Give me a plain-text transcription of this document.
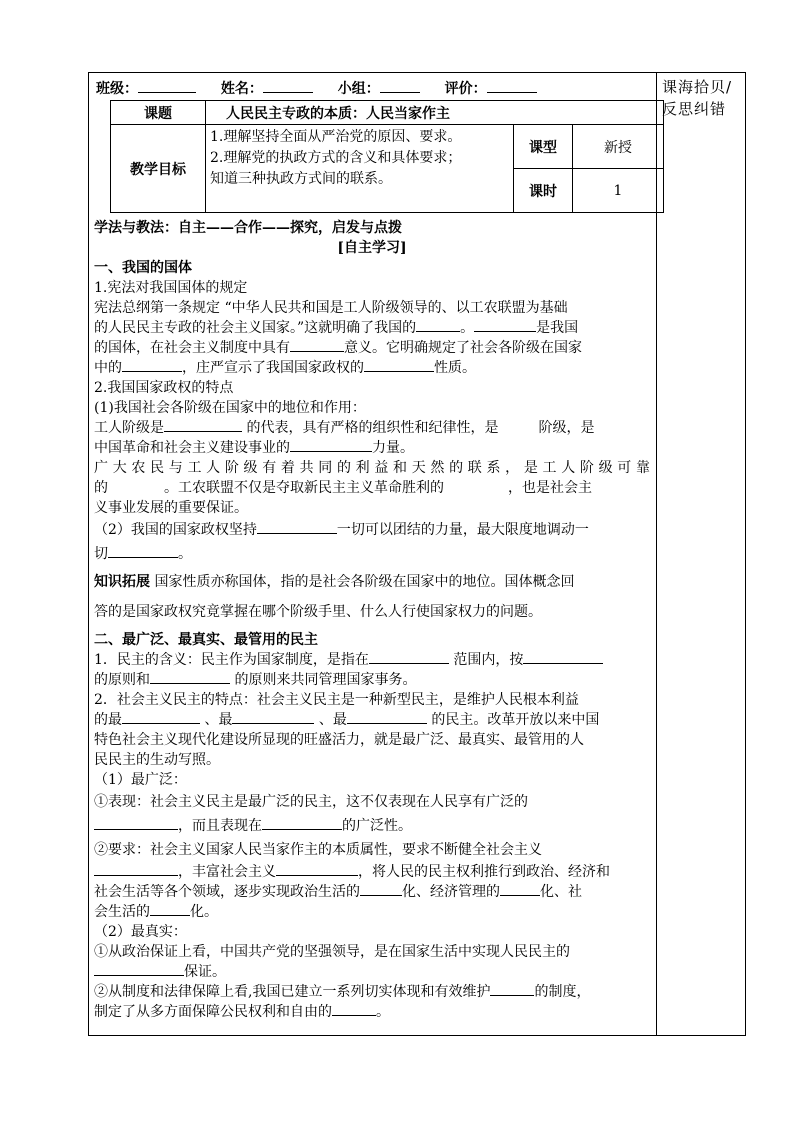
课海拾贝/反思纠错
班级：	姓名：	小组：	评价：
课题	人民民主专政的本质：人民当家作主		
教学目标	1.理解坚持全面从严治党的原因、要求。
2.理解党的执政方式的含义和具体要求；
知道三种执政方式间的联系。	课型	新授
		课时	1

学法与教法：自主——合作——探究，启发与点拨

[自主学习]

一、我国的国体

1.宪法对我国国体的规定

宪法总纲第一条规定 “中华人民共和国是工人阶级领导的、以工农联盟为基础

的人民民主专政的社会主义国家。”这就明确了我国的	。	是我国

的国体，在社会主义制度中具有	意义。它明确规定了社会各阶级在国家

中的	，庄严宣示了我国国家政权的	性质。

2.我国国家政权的特点

(1)我国社会各阶级在国家中的地位和作用：

工人阶级是	的代表，具有严格的组织性和纪律性，是	阶级，是

中国革命和社会主义建设事业的	力量。

广大农民与工人阶级有着共同的利益和天然的联系，是工人阶级可靠

的	。工农联盟不仅是夺取新民主主义革命胜利的	，也是社会主

义事业发展的重要保证。

（2）我国的国家政权坚持	一切可以团结的力量，最大限度地调动一

切	。

知识拓展 国家性质亦称国体，指的是社会各阶级在国家中的地位。国体概念回

答的是国家政权究竟掌握在哪个阶级手里、什么人行使国家权力的问题。

二、最广泛、最真实、最管用的民主

1．民主的含义：民主作为国家制度，是指在	范围内，按

的原则和	的原则来共同管理国家事务。

2．社会主义民主的特点：社会主义民主是一种新型民主，是维护人民根本利益

的最	、最	、最	的民主。改革开放以来中国

特色社会主义现代化建设所显现的旺盛活力，就是最广泛、最真实、最管用的人

民民主的生动写照。

（1）最广泛：

①表现：社会主义民主是最广泛的民主，这不仅表现在人民享有广泛的

，而且表现在	的广泛性。

②要求：社会主义国家人民当家作主的本质属性，要求不断健全社会主义

，丰富社会主义	，将人民的民主权利推行到政治、经济和

社会生活等各个领域，逐步实现政治生活的	化、经济管理的	化、社

会生活的	化。

（2）最真实：

①从政治保证上看，中国共产党的坚强领导，是在国家生活中实现人民民主的

保证。

②从制度和法律保障上看,我国已建立一系列切实体现和有效维护	的制度，

制定了从多方面保障公民权利和自由的	。
